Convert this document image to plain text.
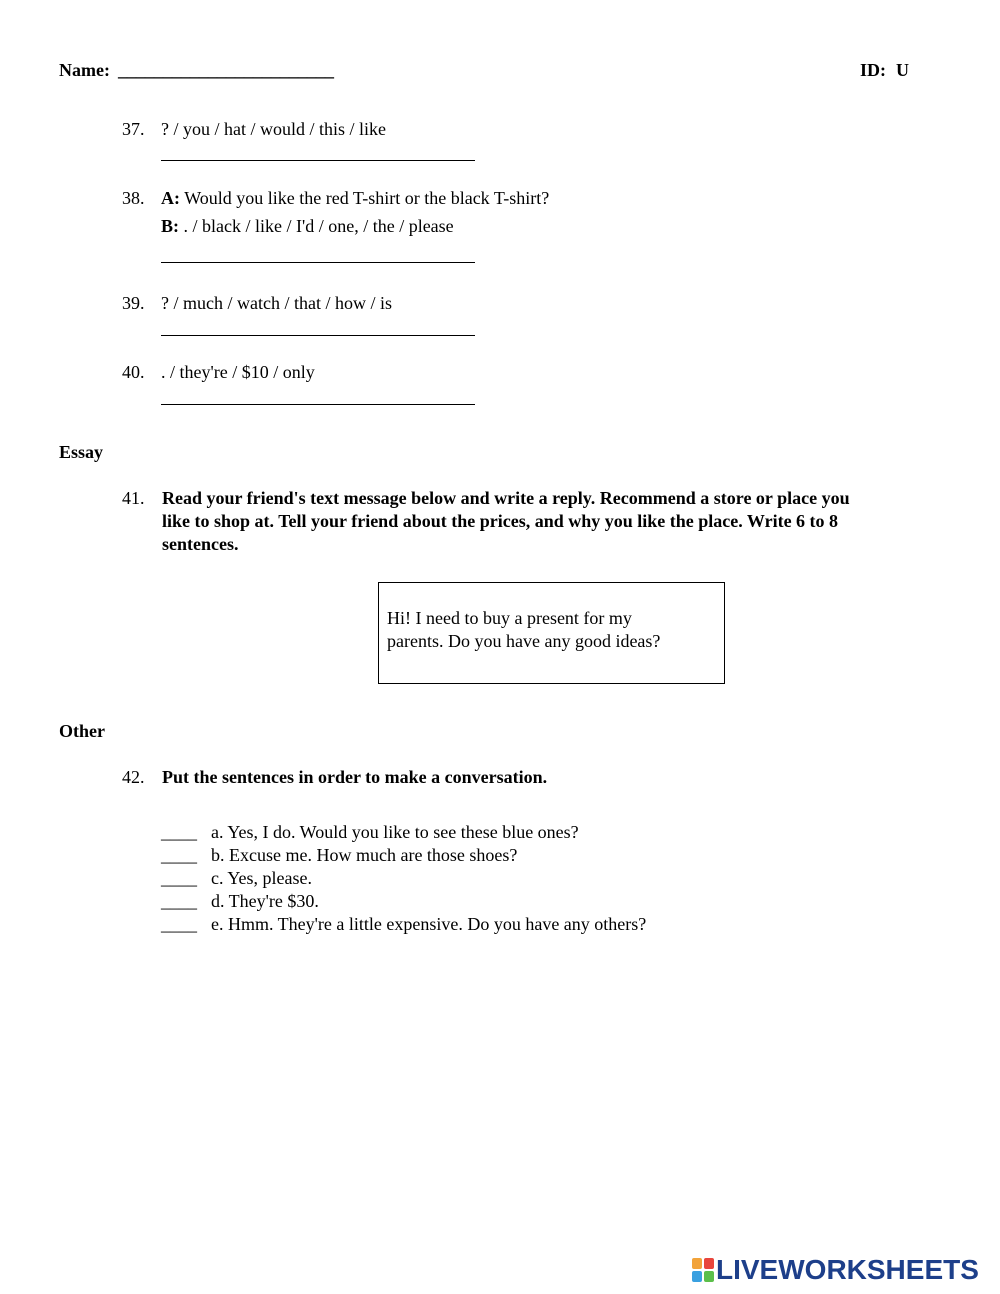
Name: ________________________	ID: U
37. ? / you / hat / would / this / like
38. A: Would you like the red T-shirt or the black T-shirt?
B: . / black / like / I'd / one, / the / please
39. ? / much / watch / that / how / is
40. . / they're / $10 / only
Essay
41. Read your friend's text message below and write a reply. Recommend a store or place you
like to shop at. Tell your friend about the prices, and why you like the place. Write 6 to 8
sentences.
Hi! I need to buy a present for my
parents. Do you have any good ideas?
Other
42. Put the sentences in order to make a conversation.
____ a. Yes, I do. Would you like to see these blue ones?
____ b. Excuse me. How much are those shoes?
____ c. Yes, please.
____ d. They're $30.
____ e. Hmm. They're a little expensive. Do you have any others?
LIVEWORKSHEETS
